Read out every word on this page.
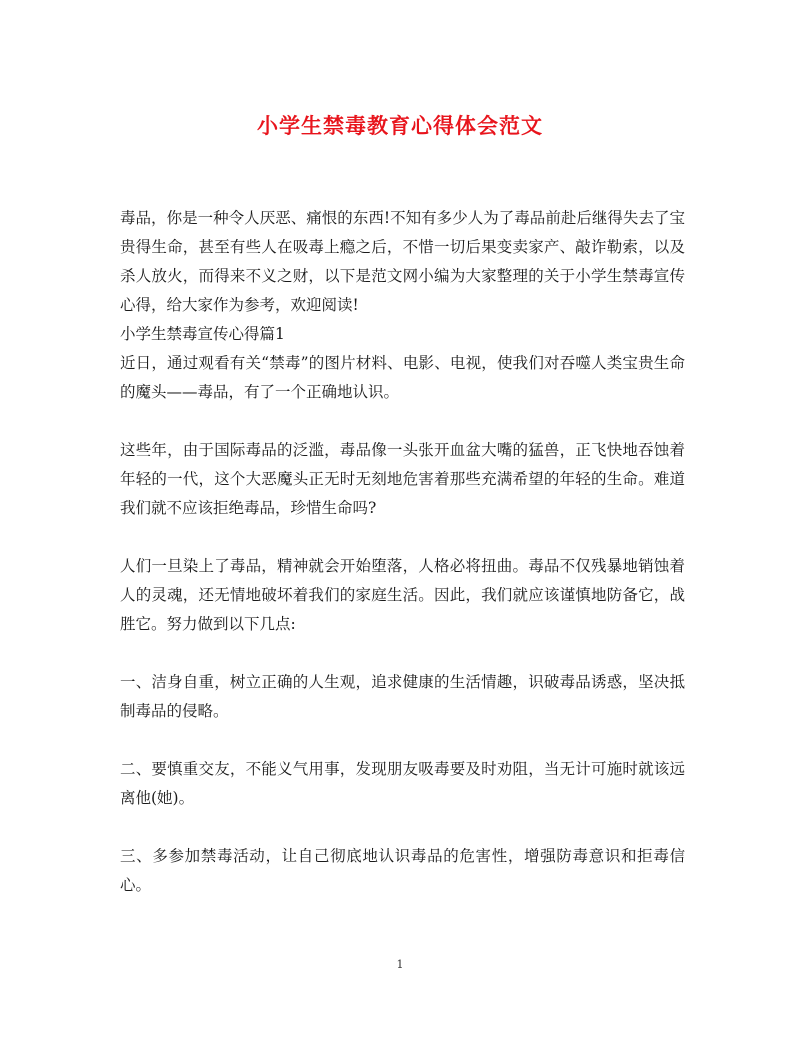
小学生禁毒教育心得体会范文

毒品，你是一种令人厌恶、痛恨的东西!不知有多少人为了毒品前赴后继得失去了宝贵得生命，甚至有些人在吸毒上瘾之后，不惜一切后果变卖家产、敲诈勒索，以及杀人放火，而得来不义之财，以下是范文网小编为大家整理的关于小学生禁毒宣传心得，给大家作为参考，欢迎阅读!

小学生禁毒宣传心得篇1

近日，通过观看有关“禁毒”的图片材料、电影、电视，使我们对吞噬人类宝贵生命的魔头——毒品，有了一个正确地认识。

这些年，由于国际毒品的泛滥，毒品像一头张开血盆大嘴的猛兽，正飞快地吞蚀着年轻的一代，这个大恶魔头正无时无刻地危害着那些充满希望的年轻的生命。难道我们就不应该拒绝毒品，珍惜生命吗?

人们一旦染上了毒品，精神就会开始堕落，人格必将扭曲。毒品不仅残暴地销蚀着人的灵魂，还无情地破坏着我们的家庭生活。因此，我们就应该谨慎地防备它，战胜它。努力做到以下几点:

一、洁身自重，树立正确的人生观，追求健康的生活情趣，识破毒品诱惑，坚决抵制毒品的侵略。

二、要慎重交友，不能义气用事，发现朋友吸毒要及时劝阻，当无计可施时就该远离他(她)。

三、多参加禁毒活动，让自己彻底地认识毒品的危害性，增强防毒意识和拒毒信心。

1
